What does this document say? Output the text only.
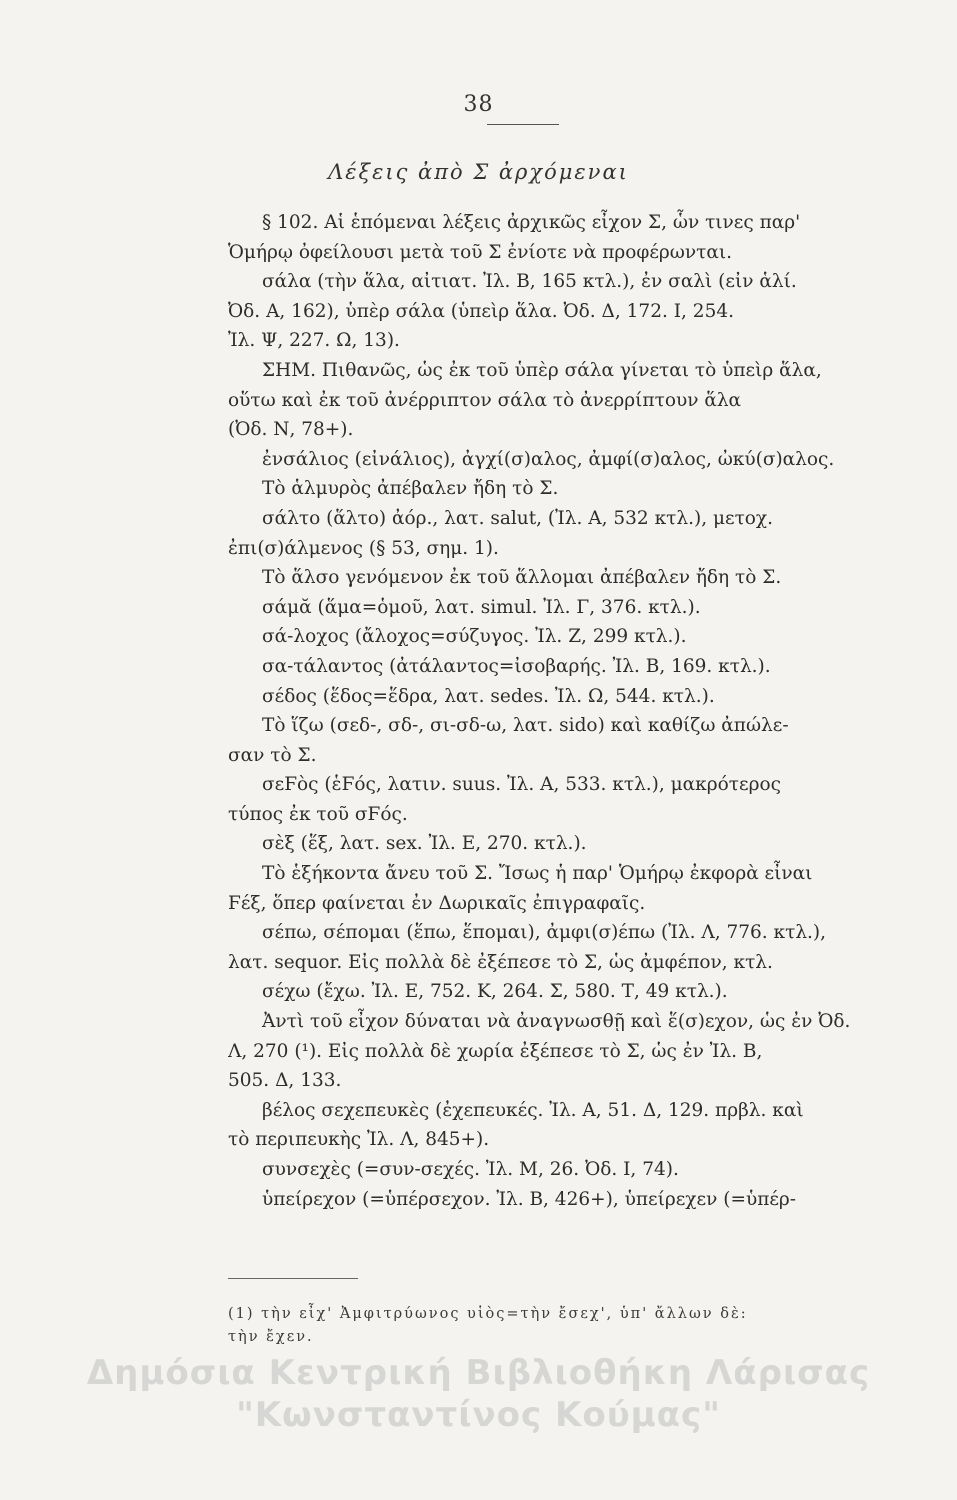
38
Λέξεις ἀπὸ Σ ἀρχόμεναι
§ 102. Αἱ ἑπόμεναι λέξεις ἀρχικῶς εἶχον Σ, ὧν τινες παρ'
Ὁμήρῳ ὀφείλουσι μετὰ τοῦ Σ ἐνίοτε νὰ προφέρωνται.
σάλα (τὴν ἅλα, αἰτιατ. Ἰλ. Β, 165 κτλ.), ἐν σαλὶ (εἰν ἁλί.
Ὀδ. Α, 162), ὑπὲρ σάλα (ὑπεὶρ ἅλα. Ὀδ. Δ, 172. Ι, 254.
Ἰλ. Ψ, 227. Ω, 13).
ΣΗΜ. Πιθανῶς, ὡς ἐκ τοῦ ὑπὲρ σάλα γίνεται τὸ ὑπεὶρ ἅλα,
οὕτω καὶ ἐκ τοῦ ἀνέρριπτον σάλα τὸ ἀνερρίπτουν ἅλα
(Ὀδ. Ν, 78+).
ἐνσάλιος (εἰνάλιος), ἀγχί(σ)αλος, ἀμφί(σ)αλος, ὠκύ(σ)αλος.
Τὸ ἁλμυρὸς ἀπέβαλεν ἤδη τὸ Σ.
σάλτο (ἅλτο) ἀόρ., λατ. salut, (Ἰλ. Α, 532 κτλ.), μετοχ.
ἐπι(σ)άλμενος (§ 53, σημ. 1).
Τὸ ἅλσο γενόμενον ἐκ τοῦ ἅλλομαι ἀπέβαλεν ἤδη τὸ Σ.
σάμᾰ (ἅμα=ὁμοῦ, λατ. simul. Ἰλ. Γ, 376. κτλ.).
σά-λοχος (ἄλοχος=σύζυγος. Ἰλ. Ζ, 299 κτλ.).
σα-τάλαντος (ἀτάλαντος=ἰσοβαρής. Ἰλ. Β, 169. κτλ.).
σέδος (ἕδος=ἕδρα, λατ. sedes. Ἰλ. Ω, 544. κτλ.).
Τὸ ἵζω (σεδ-, σδ-, σι-σδ-ω, λατ. sido) καὶ καθίζω ἀπώλε-
σαν τὸ Σ.
σεϜὸς (ἑϜός, λατιν. suus. Ἰλ. Α, 533. κτλ.), μακρότερος
τύπος ἐκ τοῦ σϜός.
σὲξ (ἕξ, λατ. sex. Ἰλ. Ε, 270. κτλ.).
Τὸ ἑξήκοντα ἄνευ τοῦ Σ. Ἴσως ἡ παρ' Ὁμήρῳ ἐκφορὰ εἶναι
Ϝέξ, ὅπερ φαίνεται ἐν Δωρικαῖς ἐπιγραφαῖς.
σέπω, σέπομαι (ἕπω, ἕπομαι), ἀμφι(σ)έπω (Ἰλ. Λ, 776. κτλ.),
λατ. sequor. Εἰς πολλὰ δὲ ἐξέπεσε τὸ Σ, ὡς ἀμφέπον, κτλ.
σέχω (ἔχω. Ἰλ. Ε, 752. Κ, 264. Σ, 580. Τ, 49 κτλ.).
Ἀντὶ τοῦ εἶχον δύναται νὰ ἀναγνωσθῇ καὶ ἕ(σ)εχον, ὡς ἐν Ὀδ.
Λ, 270 (¹). Εἰς πολλὰ δὲ χωρία ἐξέπεσε τὸ Σ, ὡς ἐν Ἰλ. Β,
505. Δ, 133.
βέλος σεχεπευκὲς (ἐχεπευκές. Ἰλ. Α, 51. Δ, 129. πρβλ. καὶ
τὸ περιπευκὴς Ἰλ. Λ, 845+).
συνσεχὲς (=συν-σεχές. Ἰλ. Μ, 26. Ὀδ. Ι, 74).
ὑπείρεχον (=ὑπέρσεχον. Ἰλ. Β, 426+), ὑπείρεχεν (=ὑπέρ-
(1) τὴν εἶχ' Ἀμφιτρύωνος υἱὸς=τὴν ἔσεχ', ὑπ' ἄλλων δὲ:
τὴν ἔχεν.
Δημόσια Κεντρική Βιβλιοθήκη Λάρισας
"Κωνσταντίνος Κούμας"
